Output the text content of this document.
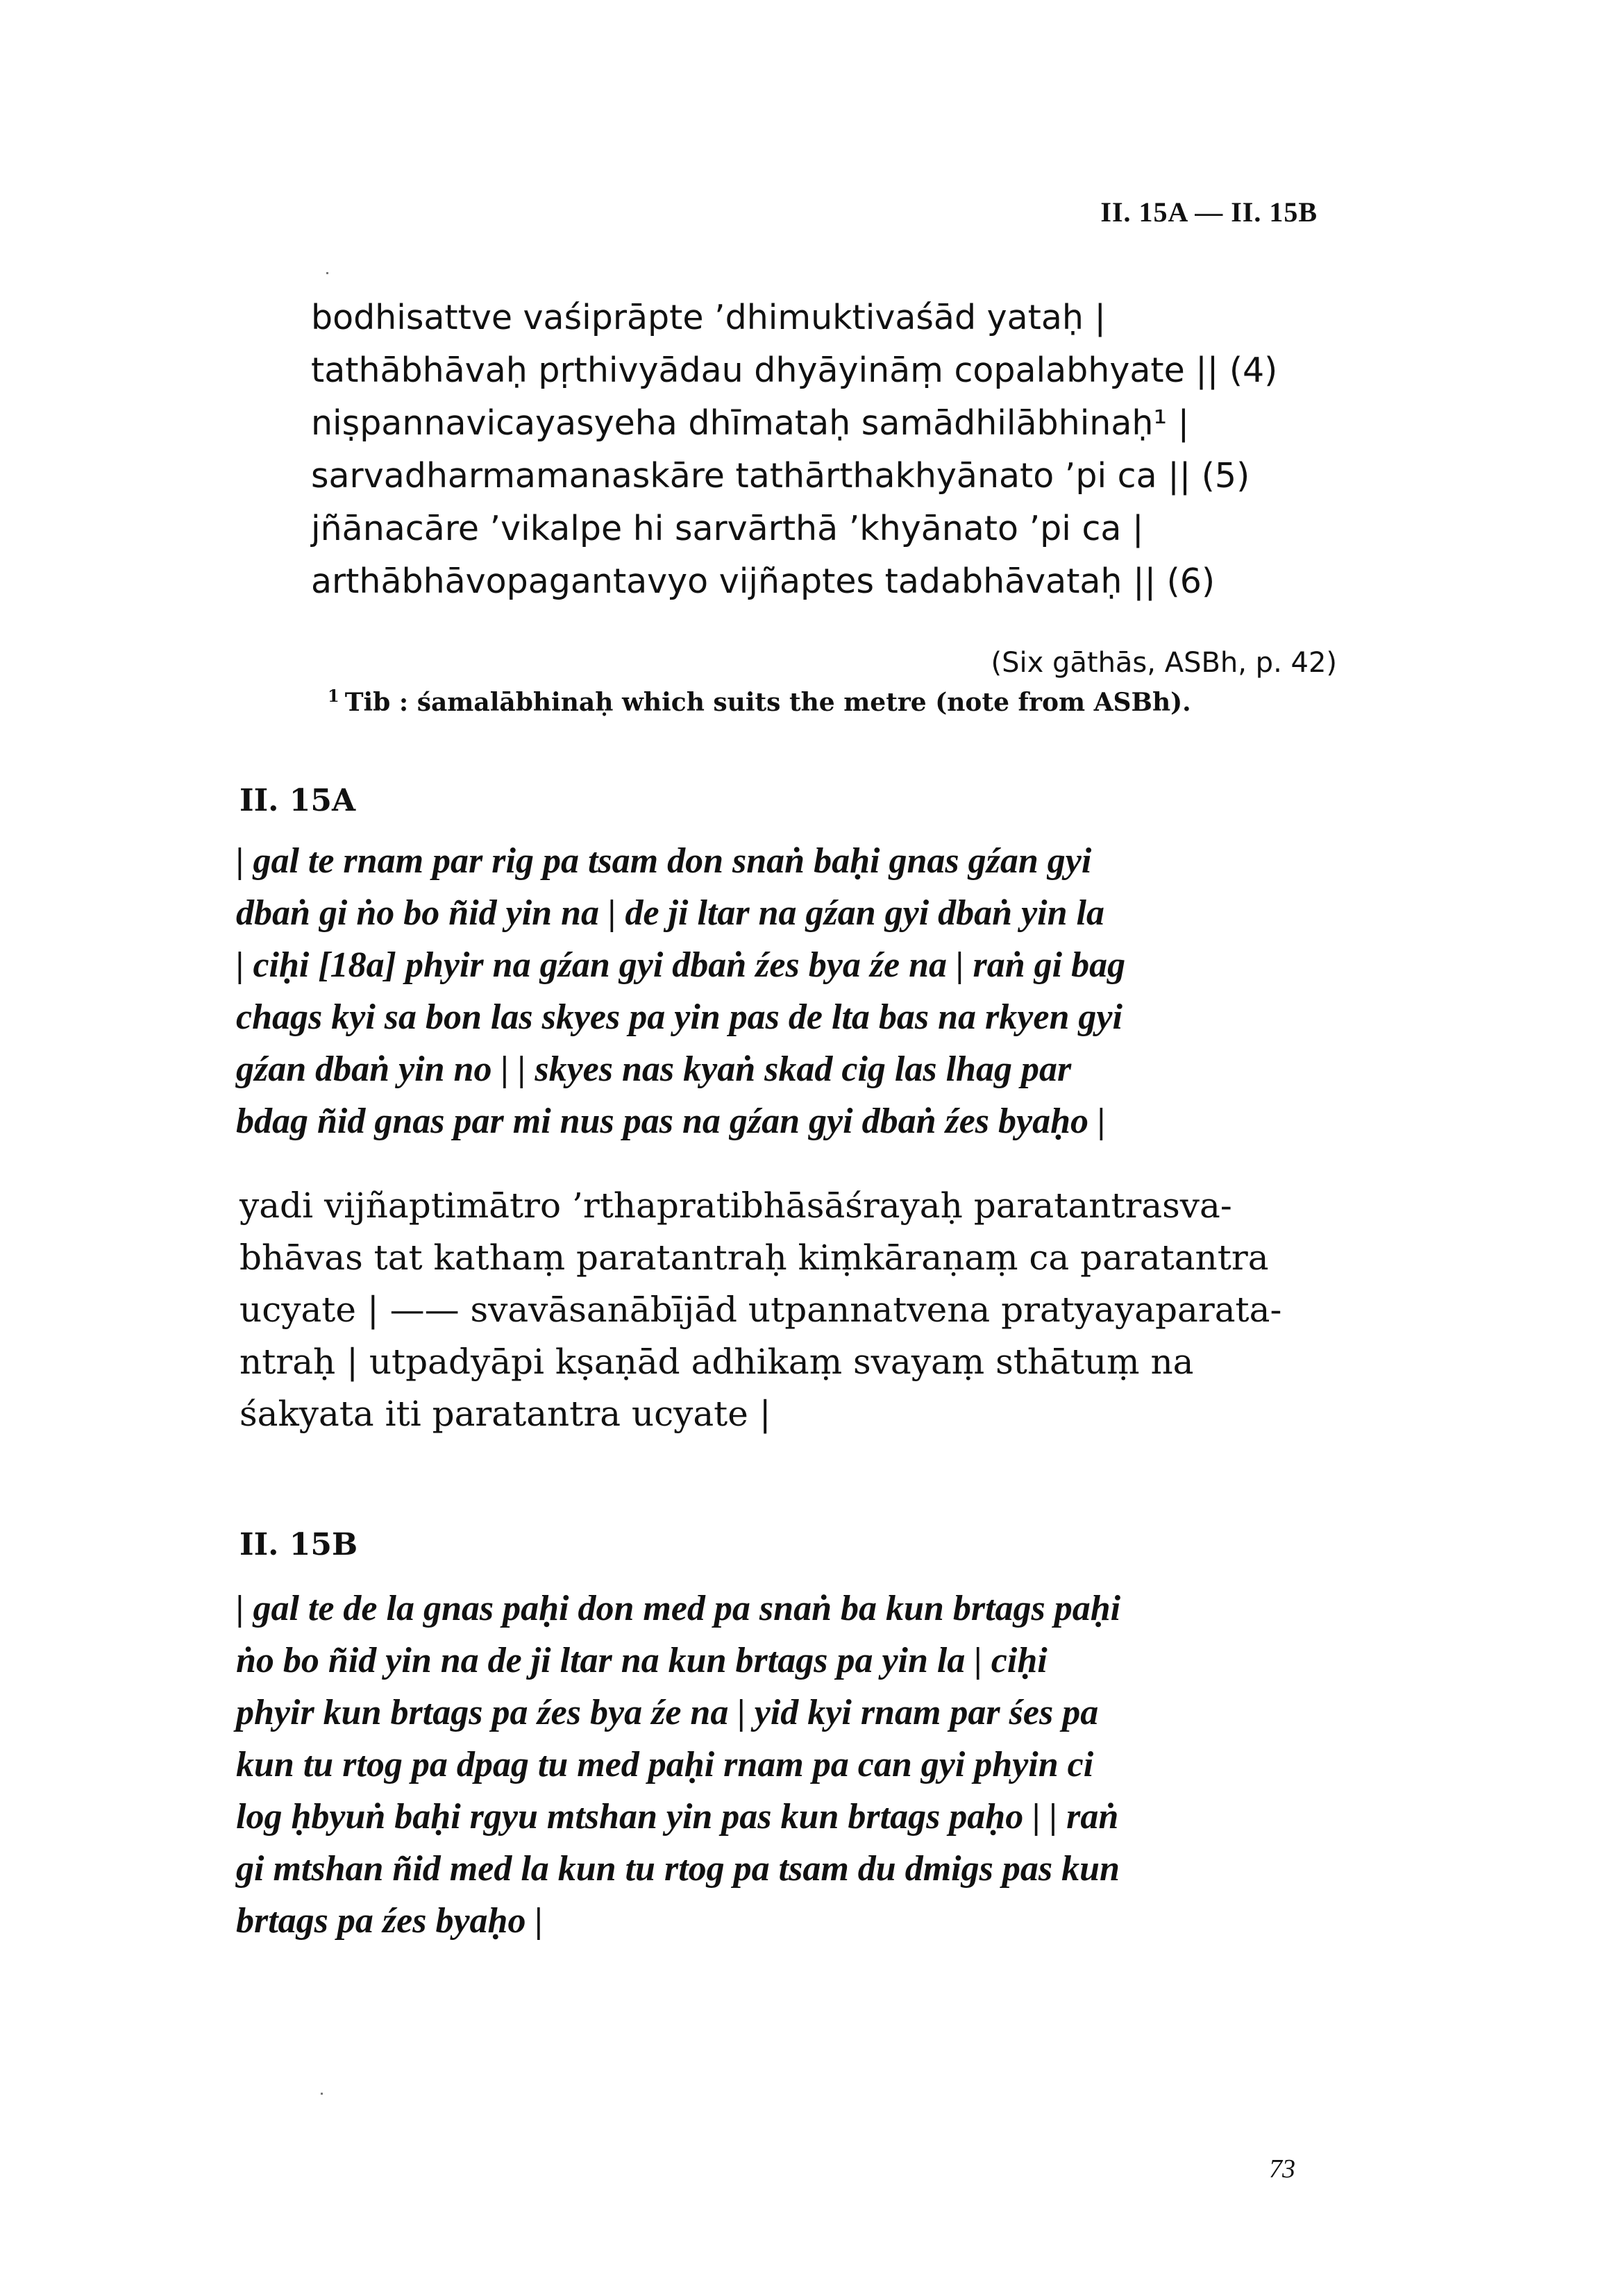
II. 15A — II. 15B
bodhisattve vaśiprāpte ’dhimuktivaśād yataḥ |
tathābhāvaḥ pṛthivyādau dhyāyināṃ copalabhyate || (4)
niṣpannavicayasyeha dhīmataḥ samādhilābhinaḥ¹ |
sarvadharmamanaskāre tathārthakhyānato ’pi ca || (5)
jñānacāre ’vikalpe hi sarvārthā ’khyānato ’pi ca |
arthābhāvopagantavyo vijñaptes tadabhāvataḥ || (6)
(Six gāthās, ASBh, p. 42)
$^1$ Tib : śamalābhinaḥ which suits the metre (note from ASBh).
II. 15A
| gal te rnam par rig pa tsam don snaṅ baḥi gnas gźan gyi
dbaṅ gi ṅo bo ñid yin na | de ji ltar na gźan gyi dbaṅ yin la
| ciḥi [18a] phyir na gźan gyi dbaṅ źes bya źe na | raṅ gi bag
chags kyi sa bon las skyes pa yin pas de lta bas na rkyen gyi
gźan dbaṅ yin no | | skyes nas kyaṅ skad cig las lhag par
bdag ñid gnas par mi nus pas na gźan gyi dbaṅ źes byaḥo |
yadi vijñaptimātro ’rthapratibhāsāśrayaḥ paratantrasva-
bhāvas tat kathaṃ paratantraḥ kiṃkāraṇaṃ ca paratantra
ucyate | —— svavāsanābījād utpannatvena pratyayaparata-
ntraḥ | utpadyāpi kṣaṇād adhikaṃ svayaṃ sthātuṃ na
śakyata iti paratantra ucyate |
II. 15B
| gal te de la gnas paḥi don med pa snaṅ ba kun brtags paḥi
ṅo bo ñid yin na de ji ltar na kun brtags pa yin la | ciḥi
phyir kun brtags pa źes bya źe na | yid kyi rnam par śes pa
kun tu rtog pa dpag tu med paḥi rnam pa can gyi phyin ci
log ḥbyuṅ baḥi rgyu mtshan yin pas kun brtags paḥo | | raṅ
gi mtshan ñid med la kun tu rtog pa tsam du dmigs pas kun
brtags pa źes byaḥo |
73
